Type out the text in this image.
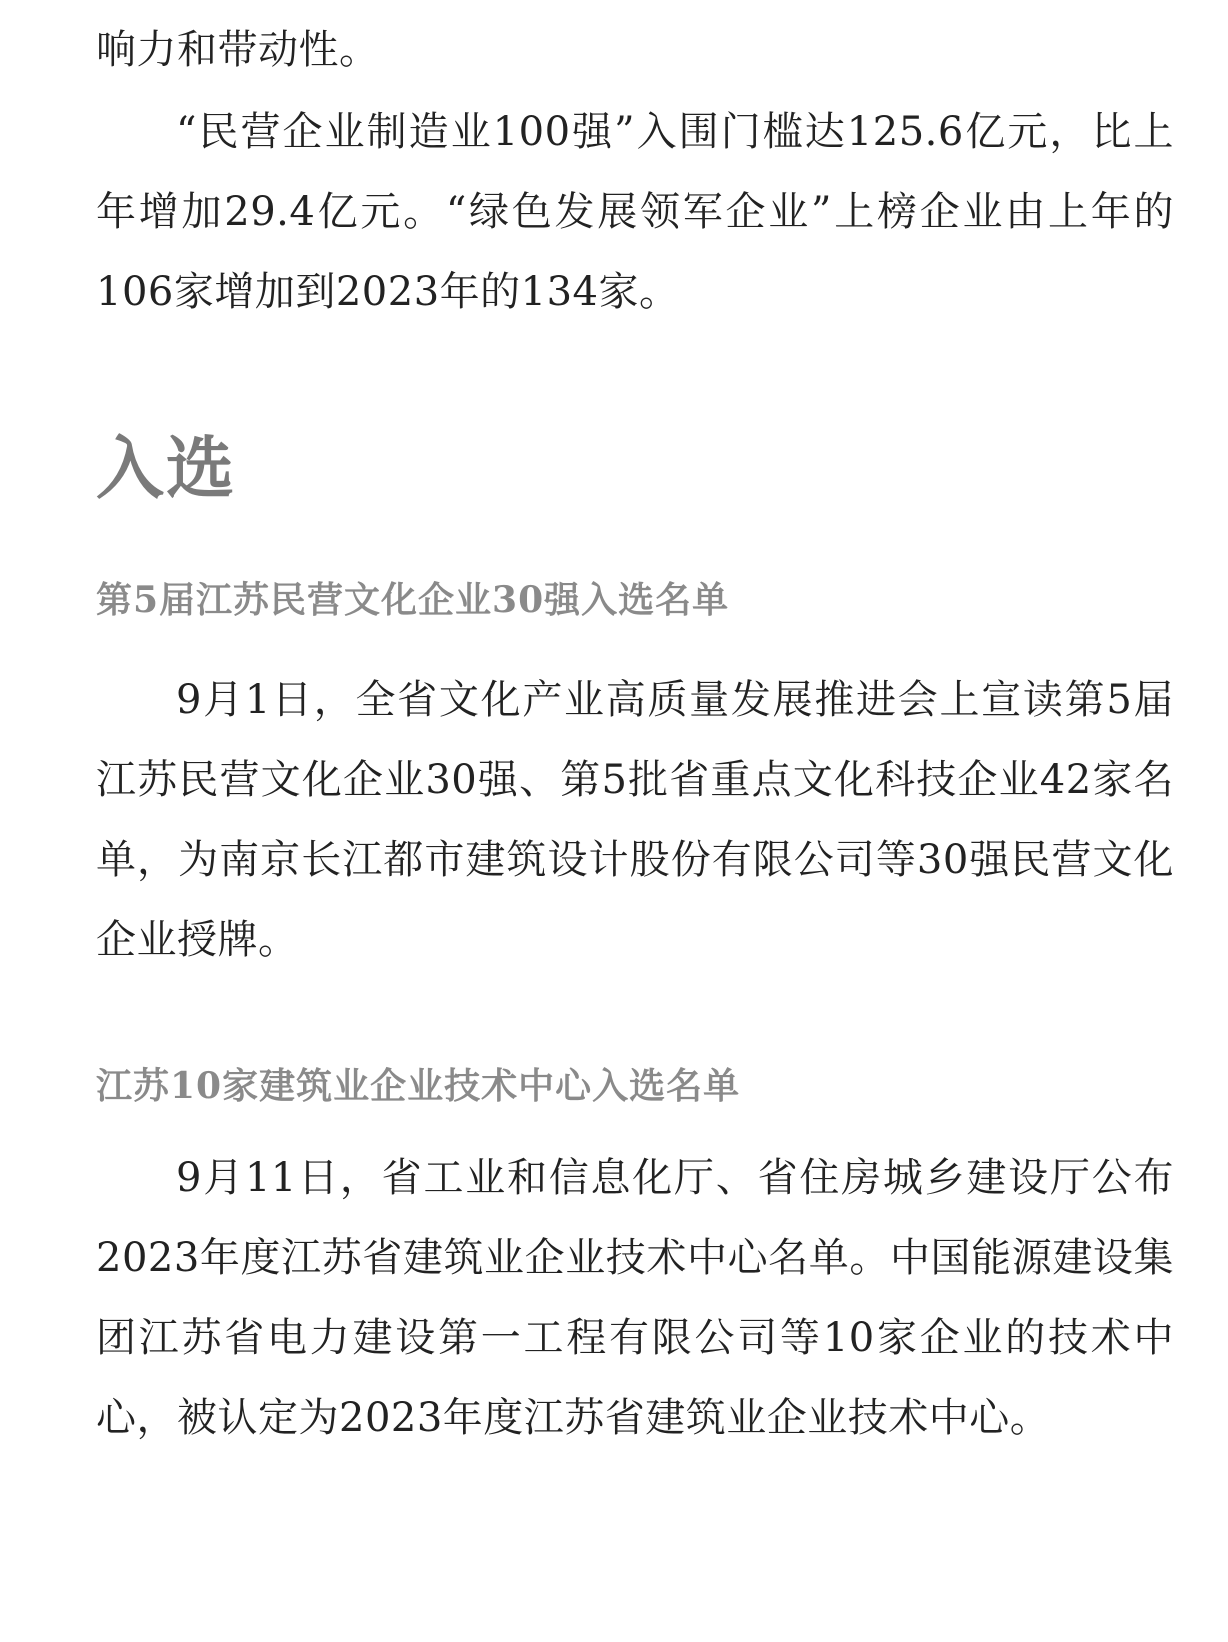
响力和带动性。

“民营企业制造业100强”入围门槛达125.6亿元，比上年增加29.4亿元。“绿色发展领军企业”上榜企业由上年的106家增加到2023年的134家。

入选
第5届江苏民营文化企业30强入选名单

9月1日，全省文化产业高质量发展推进会上宣读第5届江苏民营文化企业30强、第5批省重点文化科技企业42家名单，为南京长江都市建筑设计股份有限公司等30强民营文化企业授牌。

江苏10家建筑业企业技术中心入选名单

9月11日，省工业和信息化厅、省住房城乡建设厅公布2023年度江苏省建筑业企业技术中心名单。中国能源建设集团江苏省电力建设第一工程有限公司等10家企业的技术中心，被认定为2023年度江苏省建筑业企业技术中心。
